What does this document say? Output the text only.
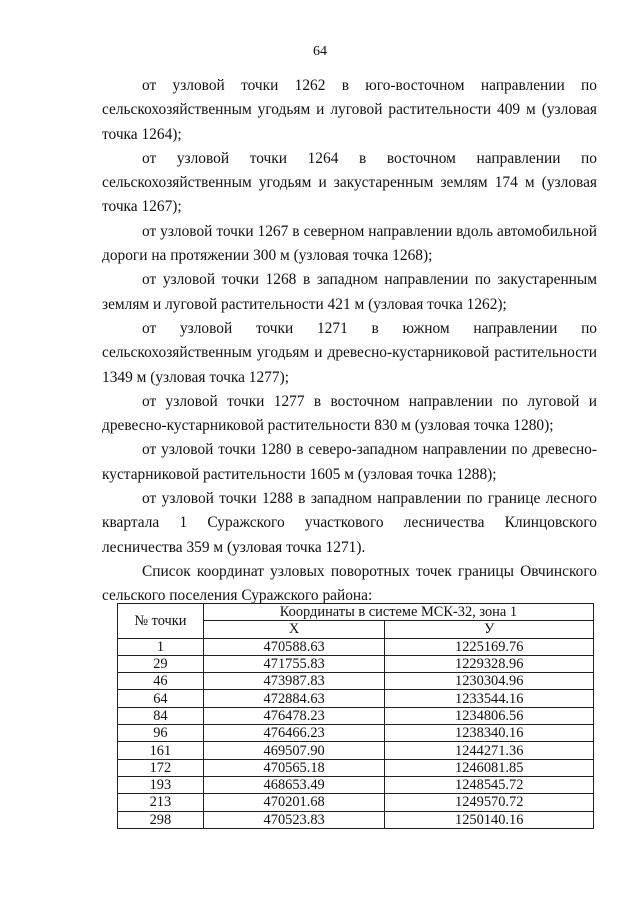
64

от узловой точки 1262 в юго-восточном направлении по сельскохозяйственным угодьям и луговой растительности 409 м (узловая точка 1264);

от узловой точки 1264 в восточном направлении по сельскохозяйственным угодьям и закустаренным землям 174 м (узловая точка 1267);

от узловой точки 1267 в северном направлении вдоль автомобильной дороги на протяжении 300 м (узловая точка 1268);

от узловой точки 1268 в западном направлении по закустаренным землям и луговой растительности 421 м (узловая точка 1262);

от узловой точки 1271 в южном направлении по сельскохозяйственным угодьям и древесно-кустарниковой растительности 1349 м (узловая точка 1277);

от узловой точки 1277 в восточном направлении по луговой и древесно-кустарниковой растительности 830 м (узловая точка 1280);

от узловой точки 1280 в северо-западном направлении по древесно-кустарниковой растительности 1605 м (узловая точка 1288);

от узловой точки 1288 в западном направлении по границе лесного квартала 1 Суражского участкового лесничества Клинцовского лесничества 359 м (узловая точка 1271).

Список координат узловых поворотных точек границы Овчинского сельского поселения Суражского района:

№ точки	Координаты в системе МСК-32, зона 1	
	X	У
1	470588.63	1225169.76
29	471755.83	1229328.96
46	473987.83	1230304.96
64	472884.63	1233544.16
84	476478.23	1234806.56
96	476466.23	1238340.16
161	469507.90	1244271.36
172	470565.18	1246081.85
193	468653.49	1248545.72
213	470201.68	1249570.72
298	470523.83	1250140.16
